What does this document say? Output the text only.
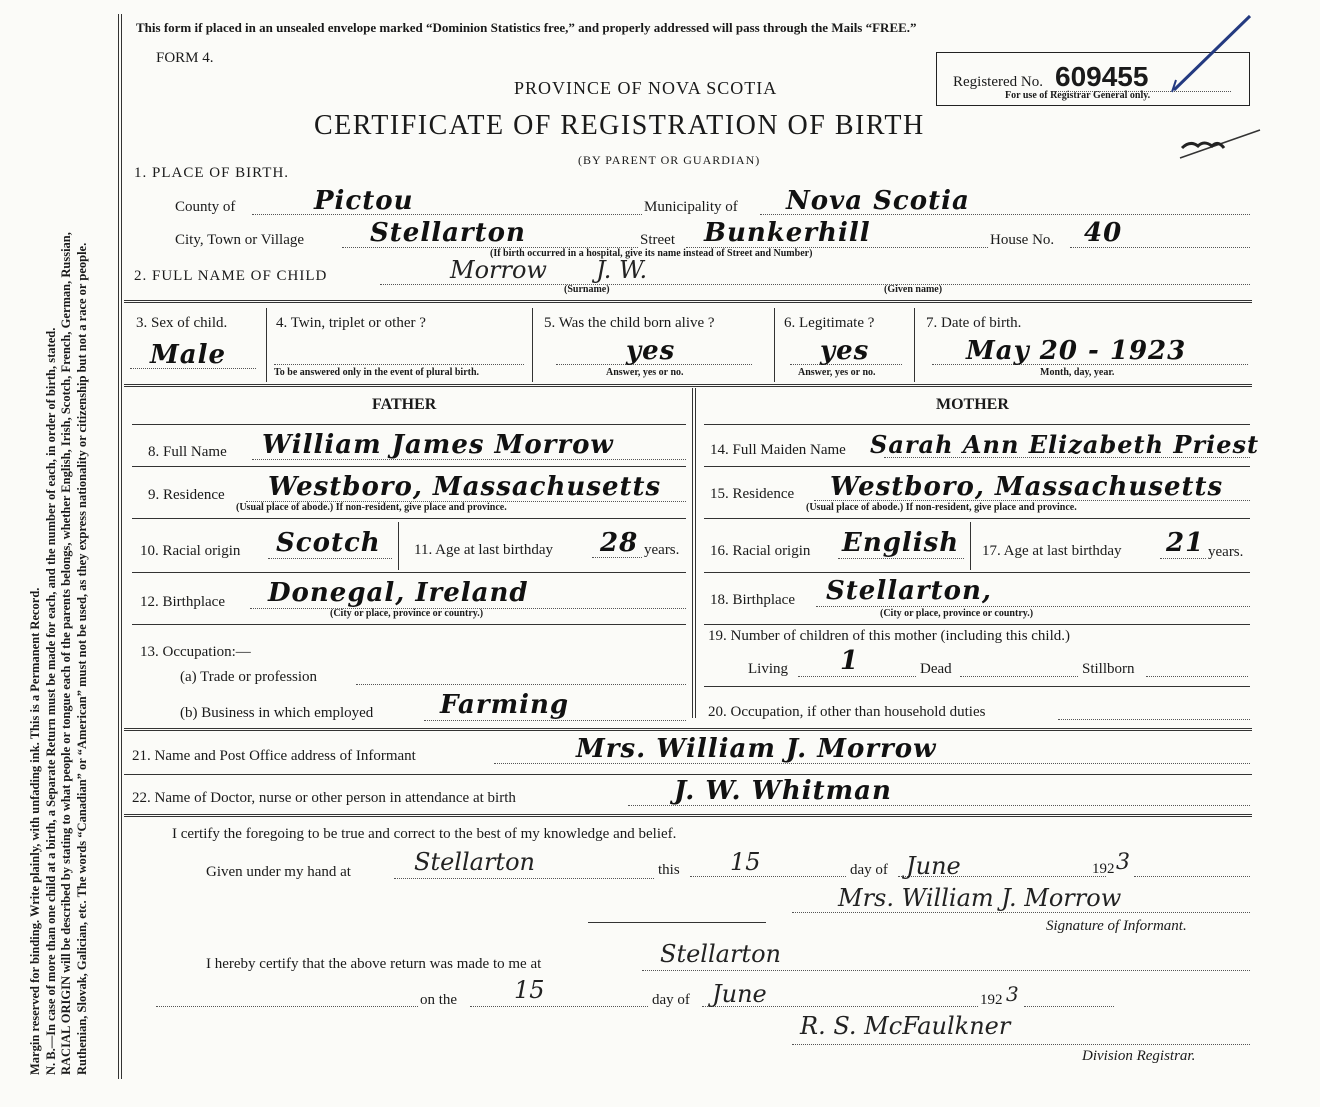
Margin reserved for binding. Write plainly, with unfading ink. This is a Permanent Record. N. B.—In case of more than one child at a birth, a Separate Return must be made for each, and the number of each, in order of birth, stated. RACIAL ORIGIN will be described by stating to what people or tongue each of the parents belongs, whether English, Irish, Scotch, French, German, Russian, Ruthenian, Slovak, Galician, etc. The words “Canadian” or “American” must not be used, as they express nationality or citizenship but not a race or people.
This form if placed in an unsealed envelope marked “Dominion Statistics free,” and properly addressed will pass through the Mails “FREE.”
FORM 4.
PROVINCE OF NOVA SCOTIA
CERTIFICATE OF REGISTRATION OF BIRTH
(BY PARENT OR GUARDIAN)
Registered No. 609455
For use of Registrar General only.
1. PLACE OF BIRTH.
County of	Pictou	Municipality of Nova Scotia
City, Town or Village	Stellarton	Street Bunkerhill	House No. 40
(If birth occurred in a hospital, give its name instead of Street and Number)
2. FULL NAME OF CHILD	Morrow J. W.
(Surname)	(Given name)
3. Sex of child.
Male
4. Twin, triplet or other ?
To be answered only in the event of plural birth.
5. Was the child born alive ?
yes
Answer, yes or no.
6. Legitimate ?
yes
Answer, yes or no.
7. Date of birth.
May 20 - 1923
Month, day, year.
FATHER	MOTHER
8. Full Name William James Morrow	14. Full Maiden Name Sarah Ann Elizabeth Priest
9. Residence Westboro, Massachusetts
(Usual place of abode.) If non-resident, give place and province.
15. Residence Westboro, Massachusetts
(Usual place of abode.) If non-resident, give place and province.
10. Racial origin Scotch 11. Age at last birthday 28 years. 16. Racial origin English 17. Age at last birthday 21 years.
12. Birthplace Donegal, Ireland
(City or place, province or country.)
18. Birthplace Stellarton,
(City or place, province or country.)
13. Occupation:—
(a) Trade or profession
(b) Business in which employed	Farming
19. Number of children of this mother (including this child.)
Living 1	Dead	Stillborn
20. Occupation, if other than household duties
21. Name and Post Office address of Informant	Mrs. William J. Morrow
22. Name of Doctor, nurse or other person in attendance at birth	J. W. Whitman
I certify the foregoing to be true and correct to the best of my knowledge and belief.
Given under my hand at	Stellarton	this 15	day of June	192 3
Mrs. William J. Morrow
Signature of Informant.
I hereby certify that the above return was made to me at	Stellarton
on the 15	day of June	192 3
R. S. McFaulkner
Division Registrar.
